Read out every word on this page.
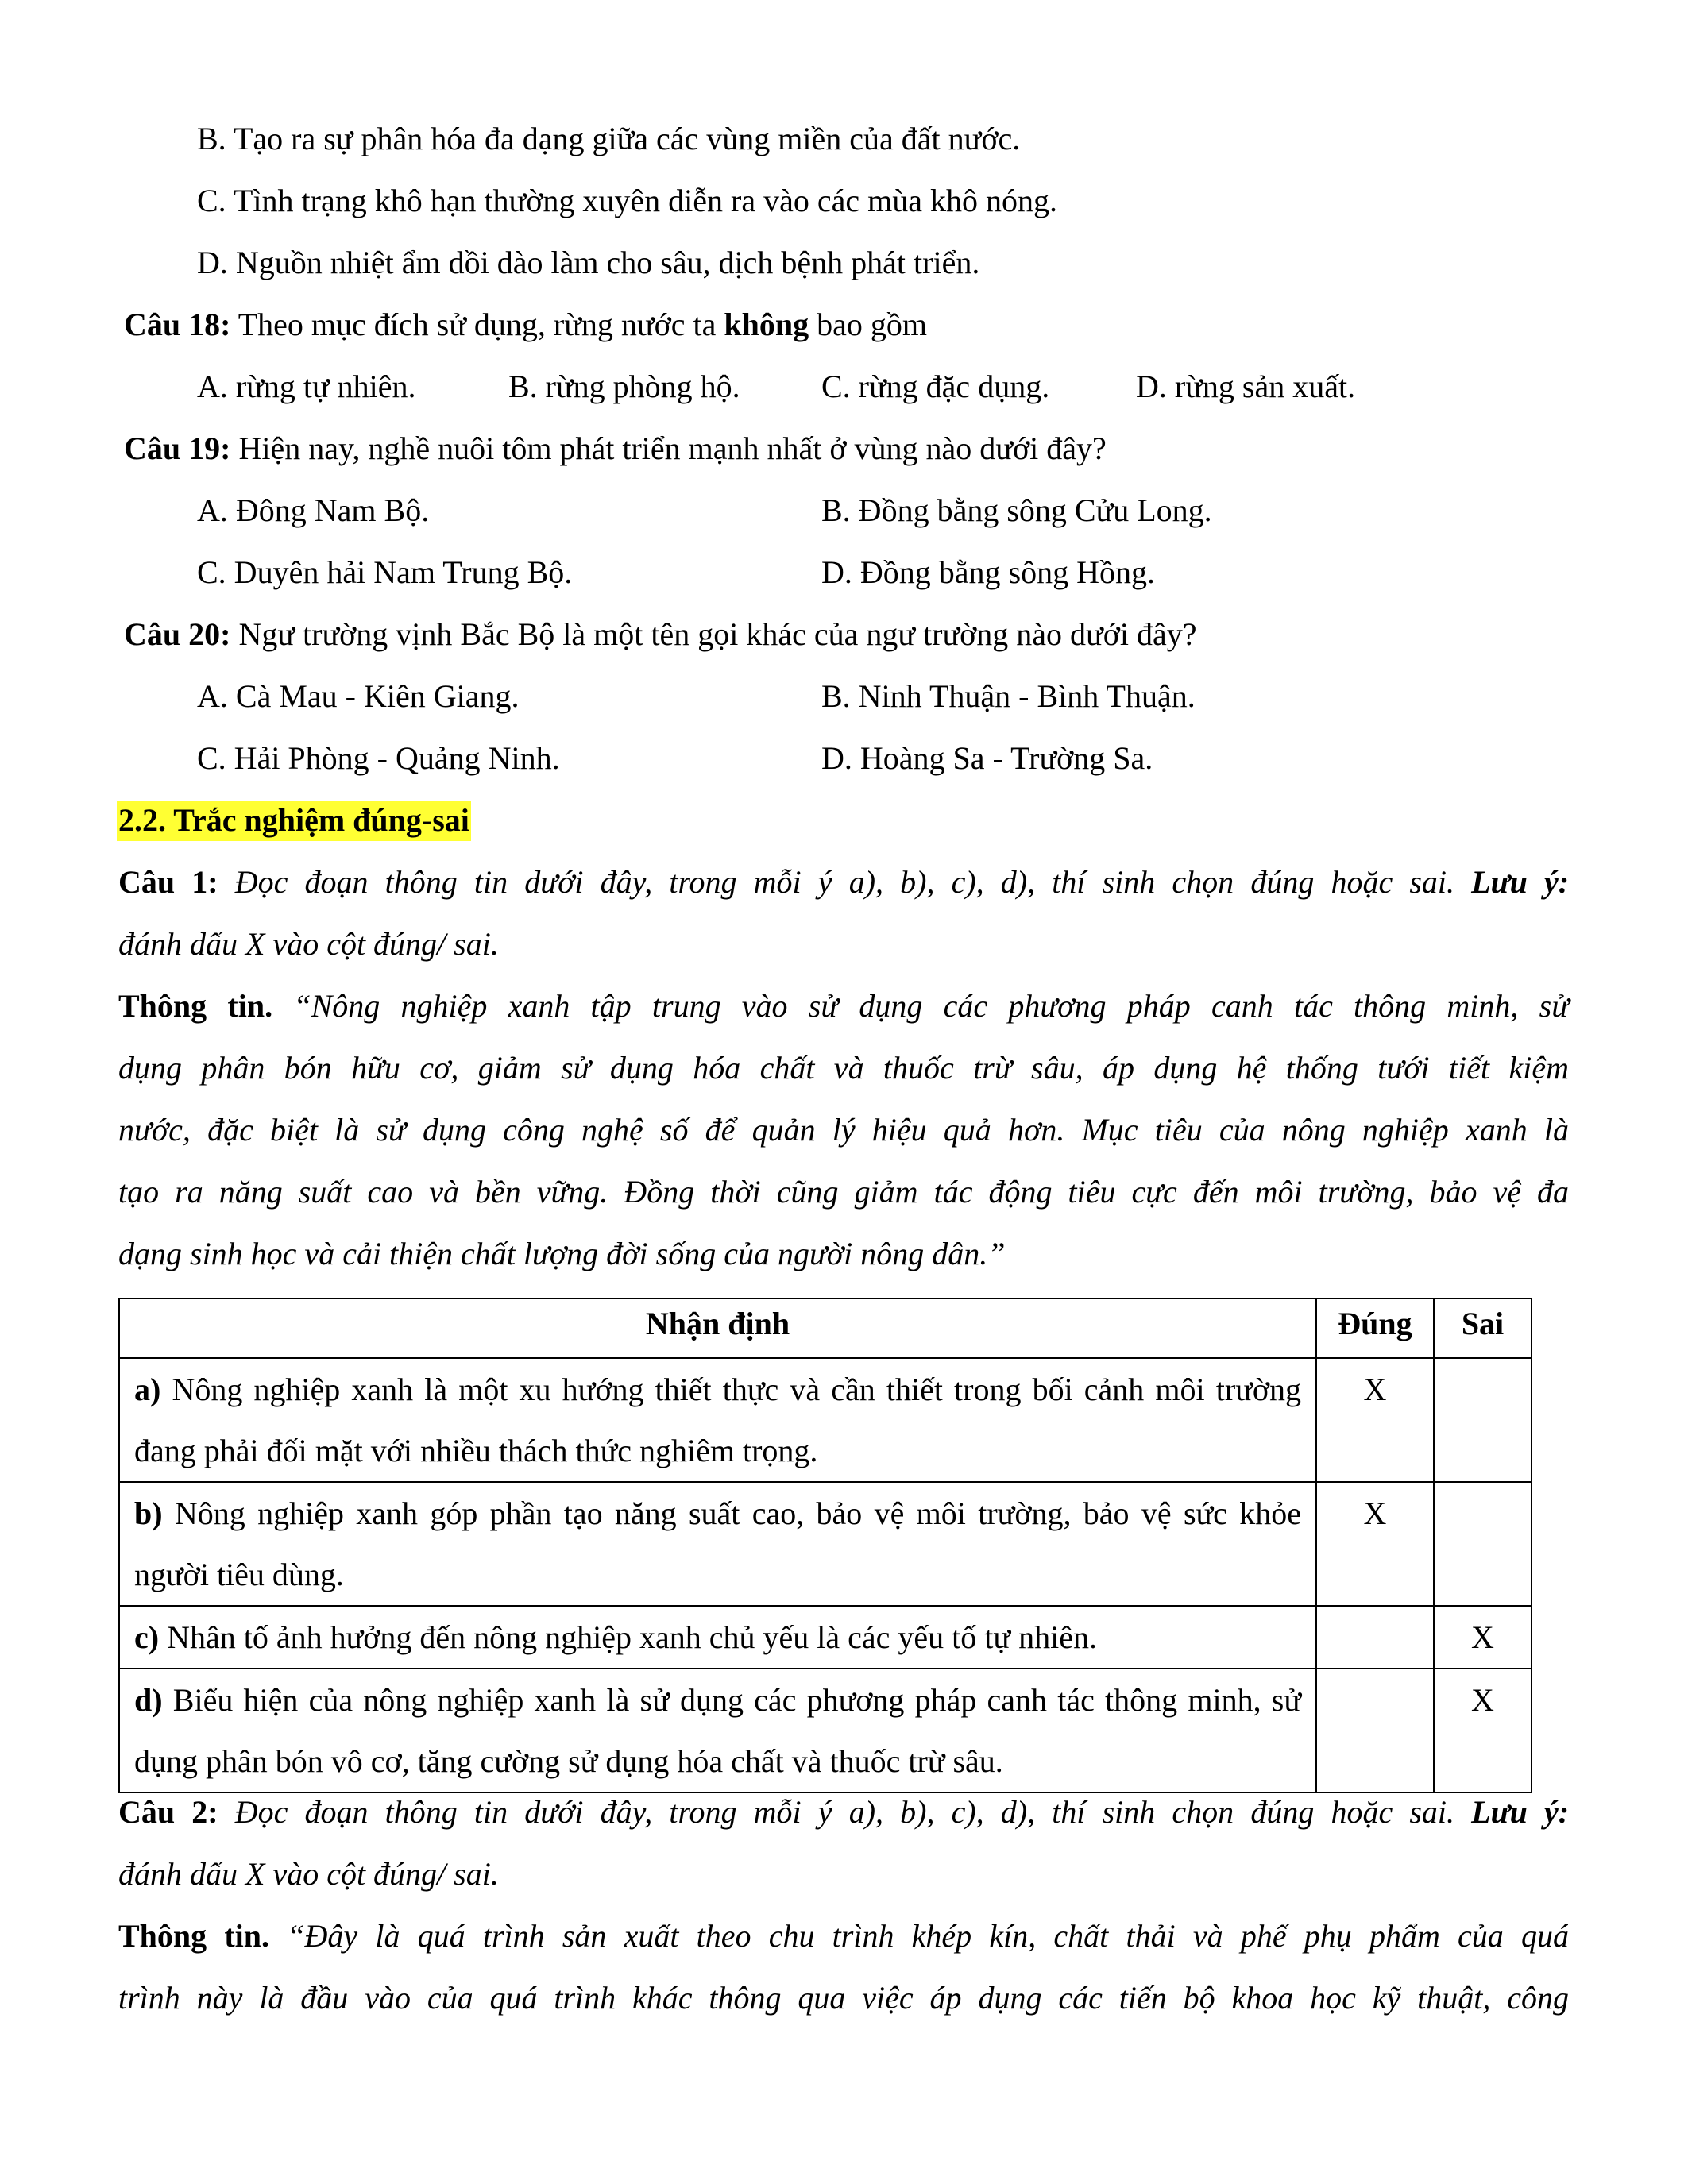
B. Tạo ra sự phân hóa đa dạng giữa các vùng miền của đất nước.
C. Tình trạng khô hạn thường xuyên diễn ra vào các mùa khô nóng.
D. Nguồn nhiệt ẩm dồi dào làm cho sâu, dịch bệnh phát triển.
Câu 18: Theo mục đích sử dụng, rừng nước ta không bao gồm
A. rừng tự nhiên.	B. rừng phòng hộ.	C. rừng đặc dụng.	D. rừng sản xuất.
Câu 19: Hiện nay, nghề nuôi tôm phát triển mạnh nhất ở vùng nào dưới đây?
A. Đông Nam Bộ.	B. Đồng bằng sông Cửu Long.
C. Duyên hải Nam Trung Bộ.	D. Đồng bằng sông Hồng.
Câu 20: Ngư trường vịnh Bắc Bộ là một tên gọi khác của ngư trường nào dưới đây?
A. Cà Mau - Kiên Giang.	B. Ninh Thuận - Bình Thuận.
C. Hải Phòng - Quảng Ninh.	D. Hoàng Sa - Trường Sa.
2.2. Trắc nghiệm đúng-sai
Câu 1: Đọc đoạn thông tin dưới đây, trong mỗi ý a), b), c), d), thí sinh chọn đúng hoặc sai. Lưu ý:
đánh dấu X vào cột đúng/ sai.
Thông tin. “Nông nghiệp xanh tập trung vào sử dụng các phương pháp canh tác thông minh, sử
dụng phân bón hữu cơ, giảm sử dụng hóa chất và thuốc trừ sâu, áp dụng hệ thống tưới tiết kiệm
nước, đặc biệt là sử dụng công nghệ số để quản lý hiệu quả hơn. Mục tiêu của nông nghiệp xanh là
tạo ra năng suất cao và bền vững. Đồng thời cũng giảm tác động tiêu cực đến môi trường, bảo vệ đa
dạng sinh học và cải thiện chất lượng đời sống của người nông dân.”
Nhận định	Đúng	Sai
a) Nông nghiệp xanh là một xu hướng thiết thực và cần thiết trong bối cảnh môi trường đang phải đối mặt với nhiều thách thức nghiêm trọng.	X	
b) Nông nghiệp xanh góp phần tạo năng suất cao, bảo vệ môi trường, bảo vệ sức khỏe người tiêu dùng.	X	
c) Nhân tố ảnh hưởng đến nông nghiệp xanh chủ yếu là các yếu tố tự nhiên.		X
d) Biểu hiện của nông nghiệp xanh là sử dụng các phương pháp canh tác thông minh, sử dụng phân bón vô cơ, tăng cường sử dụng hóa chất và thuốc trừ sâu.		X
Câu 2: Đọc đoạn thông tin dưới đây, trong mỗi ý a), b), c), d), thí sinh chọn đúng hoặc sai. Lưu ý:
đánh dấu X vào cột đúng/ sai.
Thông tin. “Đây là quá trình sản xuất theo chu trình khép kín, chất thải và phế phụ phẩm của quá
trình này là đầu vào của quá trình khác thông qua việc áp dụng các tiến bộ khoa học kỹ thuật, công
